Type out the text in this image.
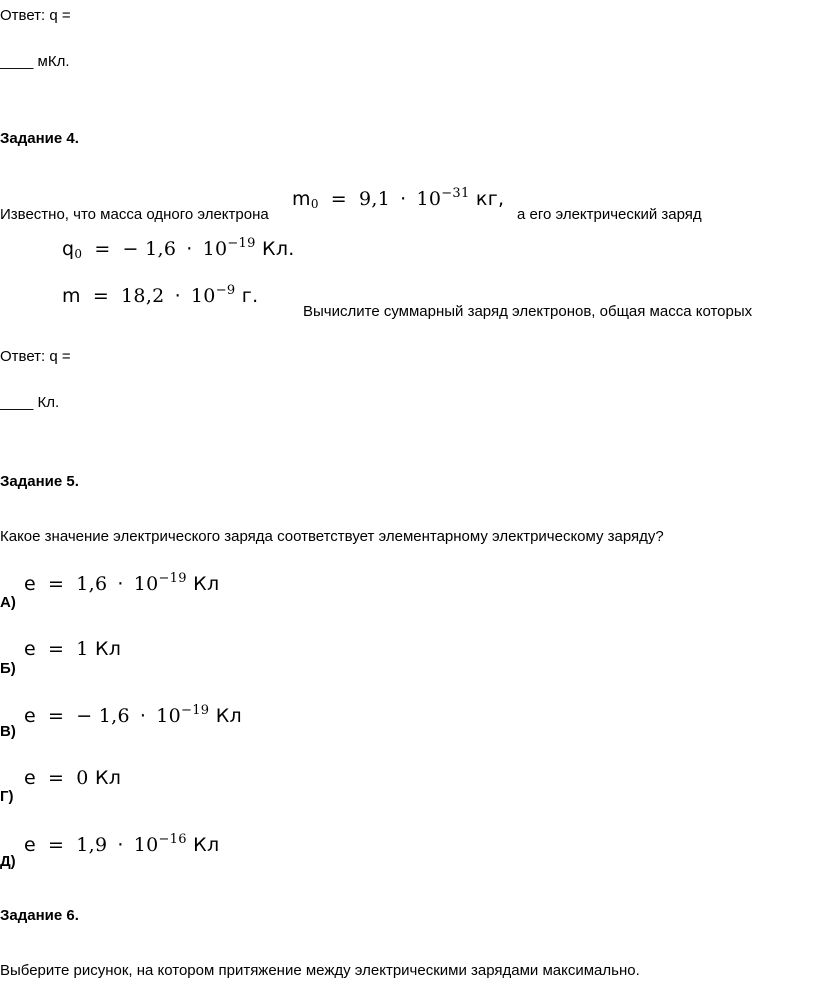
Ответ: q =
____ мКл.
Задание 4.
Известно, что масса одного электрона
$m_0 = 9,1 \cdot 10^{-31}$ кг,
а его электрический заряд
$q_0$ = − $1,6 \cdot 10^{-19}$ Кл.
$m = 18,2 \cdot 10^{-9}$ г.
Вычислите суммарный заряд электронов, общая масса которых
Ответ: q =
____ Кл.
Задание 5.
Какое значение электрического заряда соответствует элементарному электрическому заряду?
$e = 1,6 \cdot 10^{-19}$ Кл
А)
e = 1 Кл
Б)
e = − $1,6 \cdot 10^{-19}$ Кл
В)
e = 0 Кл
Г)
$e = 1,9 \cdot 10^{-16}$ Кл
Д)
Задание 6.
Выберите рисунок, на котором притяжение между электрическими зарядами максимально.
